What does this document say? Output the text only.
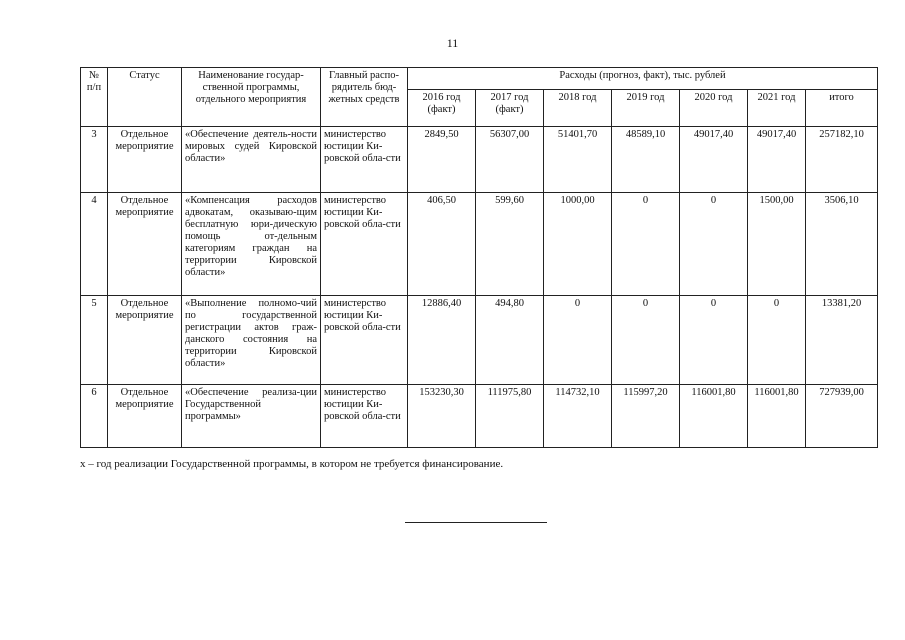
11
№ п/п	Статус	Наименование государ-ственной программы, отдельного мероприятия	Главный распо-рядитель бюд-жетных средств	Расходы (прогноз, факт), тыс. рублей						
				2016 год (факт)	2017 год (факт)	2018 год	2019 год	2020 год	2021 год	итого
3	Отдельное мероприятие	«Обеспечение деятель-ности мировых судей Кировской области»	министерство юстиции Ки-ровской обла-сти	2849,50	56307,00	51401,70	48589,10	49017,40	49017,40	257182,10
4	Отдельное мероприятие	«Компенсация расходов адвокатам, оказываю-щим бесплатную юри-дическую помощь от-дельным категориям граждан на территории Кировской области»	министерство юстиции Ки-ровской обла-сти	406,50	599,60	1000,00	0	0	1500,00	3506,10
5	Отдельное мероприятие	«Выполнение полномо-чий по государственной регистрации актов граж-данского состояния на территории Кировской области»	министерство юстиции Ки-ровской обла-сти	12886,40	494,80	0	0	0	0	13381,20
6	Отдельное мероприятие	«Обеспечение реализа-ции Государственной программы»	министерство юстиции Ки-ровской обла-сти	153230,30	111975,80	114732,10	115997,20	116001,80	116001,80	727939,00
х – год реализации Государственной программы, в котором не требуется финансирование.
